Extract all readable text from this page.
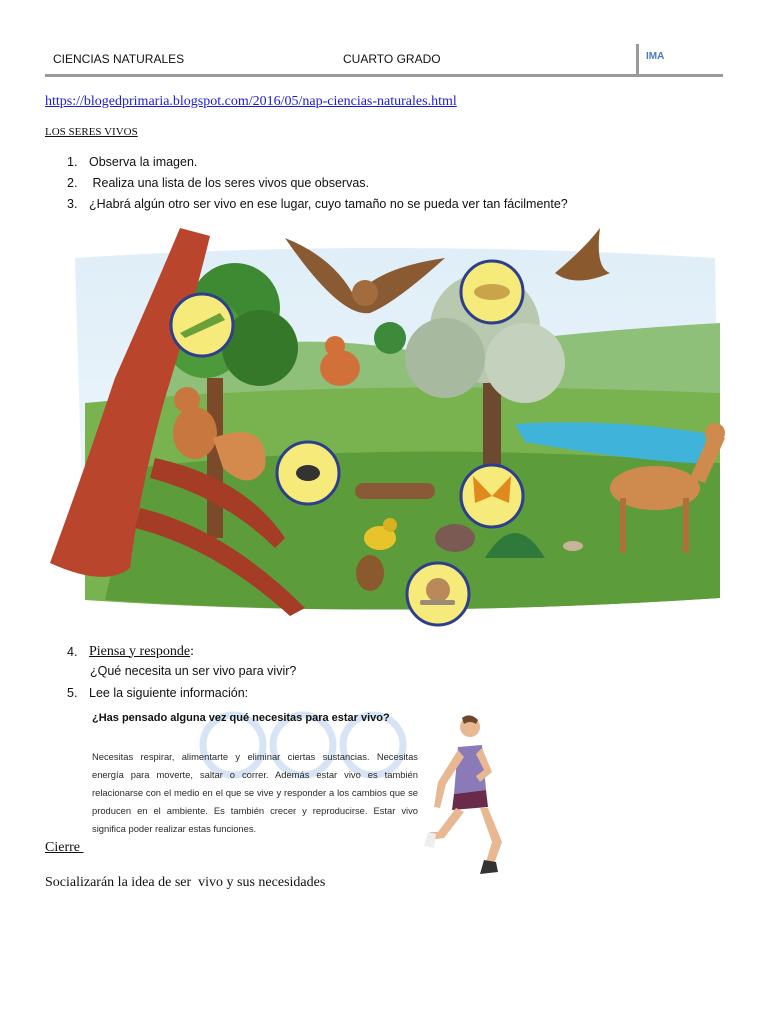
CIENCIAS NATURALES	CUARTO GRADO	IMA
https://blogedprimaria.blogspot.com/2016/05/nap-ciencias-naturales.html
LOS SERES VIVOS
1. Observa la imagen.
2. Realiza una lista de los seres vivos que observas.
3. ¿Habrá algún otro ser vivo en ese lugar, cuyo tamaño no se pueda ver tan fácilmente?
4. Piensa y responde:
¿Qué necesita un ser vivo para vivir?
5. Lee la siguiente información:
¿Has pensado alguna vez qué necesitas para estar vivo?
Necesitas respirar, alimentarte y eliminar ciertas sustancias. Necesitas energía para moverte, saltar o correr. Además estar vivo es también relacionarse con el medio en el que se vive y responder a los cambios que se producen en el ambiente. Es también crecer y reproducirse. Estar vivo significa poder realizar estas funciones.
Cierre
Socializarán la idea de ser  vivo y sus necesidades
